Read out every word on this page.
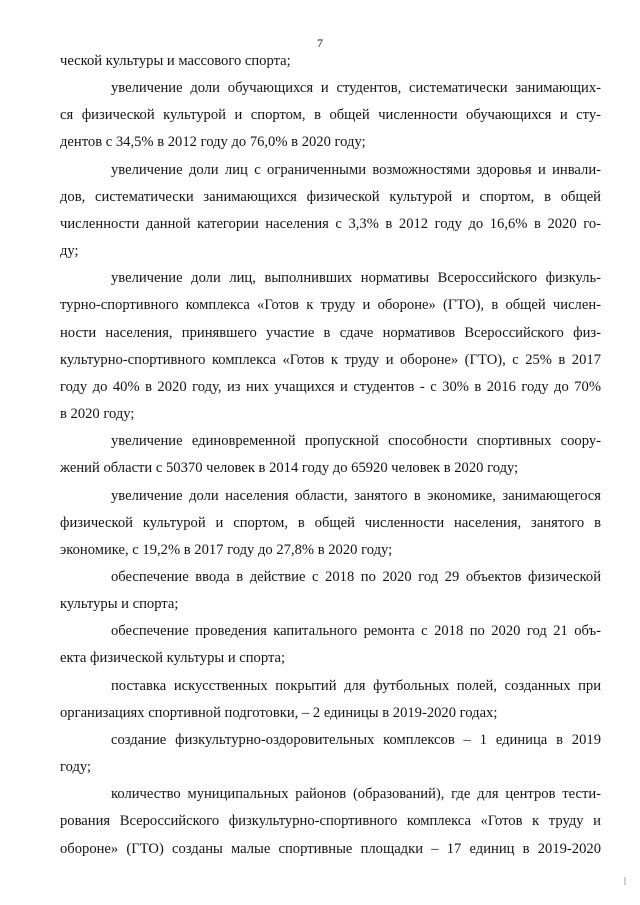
7

ческой культуры и массового спорта;

увеличение доли обучающихся и студентов, систематически занимающих-
ся физической культурой и спортом, в общей численности обучающихся и сту-
дентов с 34,5% в 2012 году до 76,0% в 2020 году;

увеличение доли лиц с ограниченными возможностями здоровья и инвали-
дов, систематически занимающихся физической культурой и спортом, в общей
численности данной категории населения с 3,3% в 2012 году до 16,6% в 2020 го-
ду;

увеличение доли лиц, выполнивших нормативы Всероссийского физкуль-
турно-спортивного комплекса «Готов к труду и обороне» (ГТО), в общей числен-
ности населения, принявшего участие в сдаче нормативов Всероссийского физ-
культурно-спортивного комплекса «Готов к труду и обороне» (ГТО), с 25% в 2017
году до 40% в 2020 году, из них учащихся и студентов - с 30% в 2016 году до 70%
в 2020 году;

увеличение единовременной пропускной способности спортивных соору-
жений области с 50370 человек в 2014 году до 65920 человек в 2020 году;

увеличение доли населения области, занятого в экономике, занимающегося
физической культурой и спортом, в общей численности населения, занятого в
экономике, с 19,2% в 2017 году до 27,8% в 2020 году;

обеспечение ввода в действие с 2018 по 2020 год 29 объектов физической
культуры и спорта;

обеспечение проведения капитального ремонта с 2018 по 2020 год 21 объ-
екта физической культуры и спорта;

поставка искусственных покрытий для футбольных полей, созданных при
организациях спортивной подготовки, – 2 единицы в 2019-2020 годах;

создание физкультурно-оздоровительных комплексов – 1 единица в 2019
году;

количество муниципальных районов (образований), где для центров тести-
рования Всероссийского физкультурно-спортивного комплекса «Готов к труду и
обороне» (ГТО) созданы малые спортивные площадки – 17 единиц в 2019-2020
